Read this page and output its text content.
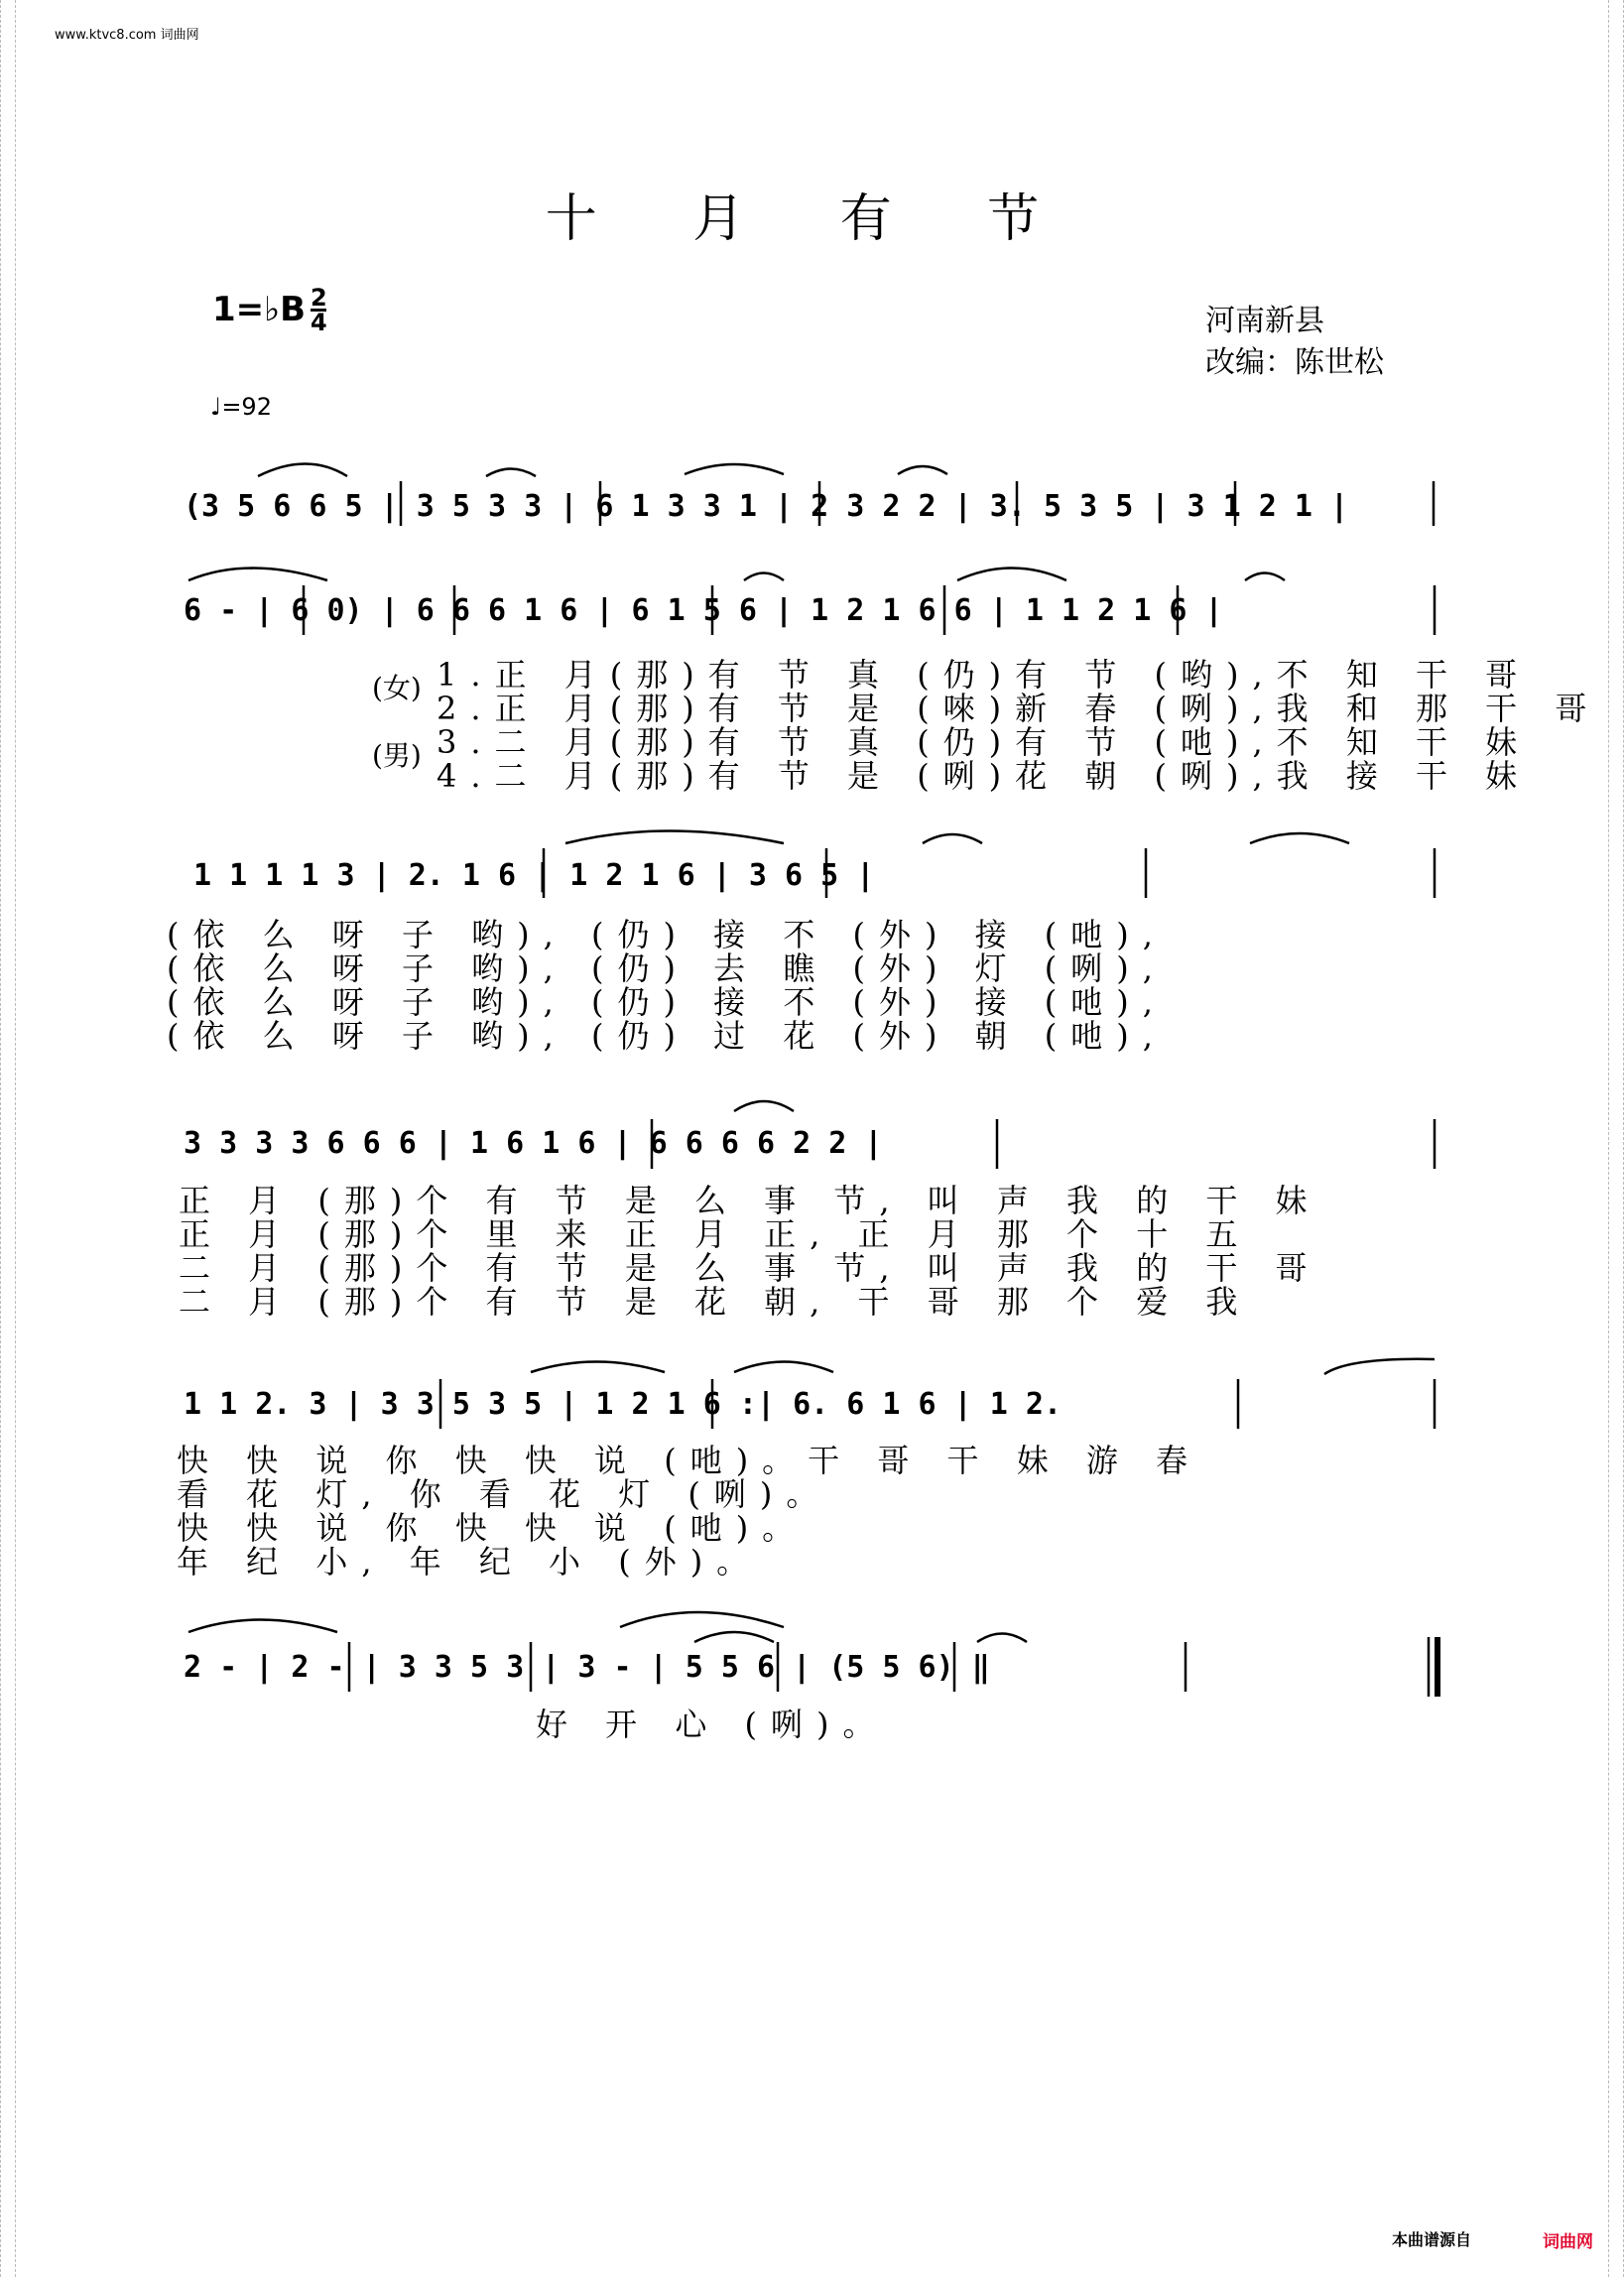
www.ktvc8.com 词曲网
十 月 有 节
1=♭B 2
4
♩=92
河南新县
改编：陈世松
(3 5 6 6 5 | 3 5 3 3 | 6 1 3 3 1 | 2 3 2 2 | 3. 5 3 5 | 3 1 2 1 |
6 - | 6 0) | 6 6 6 1 6 | 6 1 5 6 | 1 2 1 6 6 | 1 1 2 1 6 |
(女)
(男)
1.正 月(那)有 节 真 (仍)有 节 (哟),不 知 干 哥
2.正 月(那)有 节 是 (唻)新 春 (咧),我 和 那 干 哥
3.二 月(那)有 节 真 (仍)有 节 (吔),不 知 干 妹
4.二 月(那)有 节 是 (咧)花 朝 (咧),我 接 干 妹
1 1 1 1 3 | 2. 1 6 | 1 2 1 6 | 3 6 5 |
(依 么 呀 子 哟), (仍) 接 不 (外) 接 (吔),
(依 么 呀 子 哟), (仍) 去 瞧 (外) 灯 (咧),
(依 么 呀 子 哟), (仍) 接 不 (外) 接 (吔),
(依 么 呀 子 哟), (仍) 过 花 (外) 朝 (吔),
3 3 3 3 6 6 6 | 1 6 1 6 | 6 6 6 6 2 2 |
正 月 (那)个 有 节 是 么 事 节, 叫 声 我 的 干 妹
正 月 (那)个 里 来 正 月 正, 正 月 那 个 十 五
二 月 (那)个 有 节 是 么 事 节, 叫 声 我 的 干 哥
二 月 (那)个 有 节 是 花 朝, 干 哥 那 个 爱 我
1 1 2. 3 | 3 3 5 3 5 | 1 2 1 6 :| 6. 6 1 6 | 1 2.
快 快 说 你 快 快 说 (吔)。干 哥 干 妹 游 春
看 花 灯, 你 看 花 灯 (咧)。
快 快 说 你 快 快 说 (吔)。
年 纪 小, 年 纪 小 (外)。
2 - | 2 - | 3 3 5 3 | 3 - | 5 5 6 | (5 5 6) ‖
好 开 心 (咧)。
本曲谱源自	词曲网
